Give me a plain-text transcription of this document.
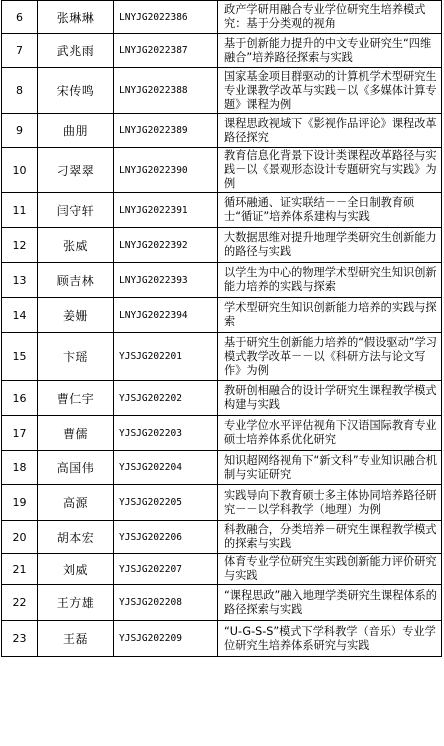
6	张琳琳	LNYJG2022386	政产学研用融合专业学位研究生培养模式究：基于分类观的视角
7	武兆雨	LNYJG2022387	基于创新能力提升的中文专业研究生“四维融合”培养路径探索与实践
8	宋传鸣	LNYJG2022388	国家基金项目群驱动的计算机学术型研究生专业课教学改革与实践－以《多媒体计算专题》课程为例
9	曲朋	LNYJG2022389	课程思政视域下《影视作品评论》课程改革路径探究
10	刁翠翠	LNYJG2022390	教育信息化背景下设计类课程改革路径与实践－以《景观形态设计专题研究与实践》为例
11	闫守轩	LNYJG2022391	循环融通、证实联结－－全日制教育硕士“循证”培养体系建构与实践
12	张威	LNYJG2022392	大数据思维对提升地理学类研究生创新能力的路径与实践
13	顾吉林	LNYJG2022393	以学生为中心的物理学术型研究生知识创新能力培养的实践与探索
14	姜姗	LNYJG2022394	学术型研究生知识创新能力培养的实践与探索
15	卞瑶	YJSJG202201	基于研究生创新能力培养的“假设驱动”学习模式教学改革－－以《科研方法与论文写作》为例
16	曹仁宇	YJSJG202202	教研创相融合的设计学研究生课程教学模式构建与实践
17	曹儒	YJSJG202203	专业学位水平评估视角下汉语国际教育专业硕士培养体系优化研究
18	高国伟	YJSJG202204	知识超网络视角下“新文科”专业知识融合机制与实证研究
19	高源	YJSJG202205	实践导向下教育硕士多主体协同培养路径研究－－以学科教学（地理）为例
20	胡本宏	YJSJG202206	科教融合，分类培养－研究生课程教学模式的探索与实践
21	刘威	YJSJG202207	体育专业学位研究生实践创新能力评价研究与实践
22	王方雄	YJSJG202208	“课程思政”融入地理学类研究生课程体系的路径探索与实践
23	王磊	YJSJG202209	“U-G-S-S”模式下学科教学（音乐）专业学位研究生培养体系研究与实践
